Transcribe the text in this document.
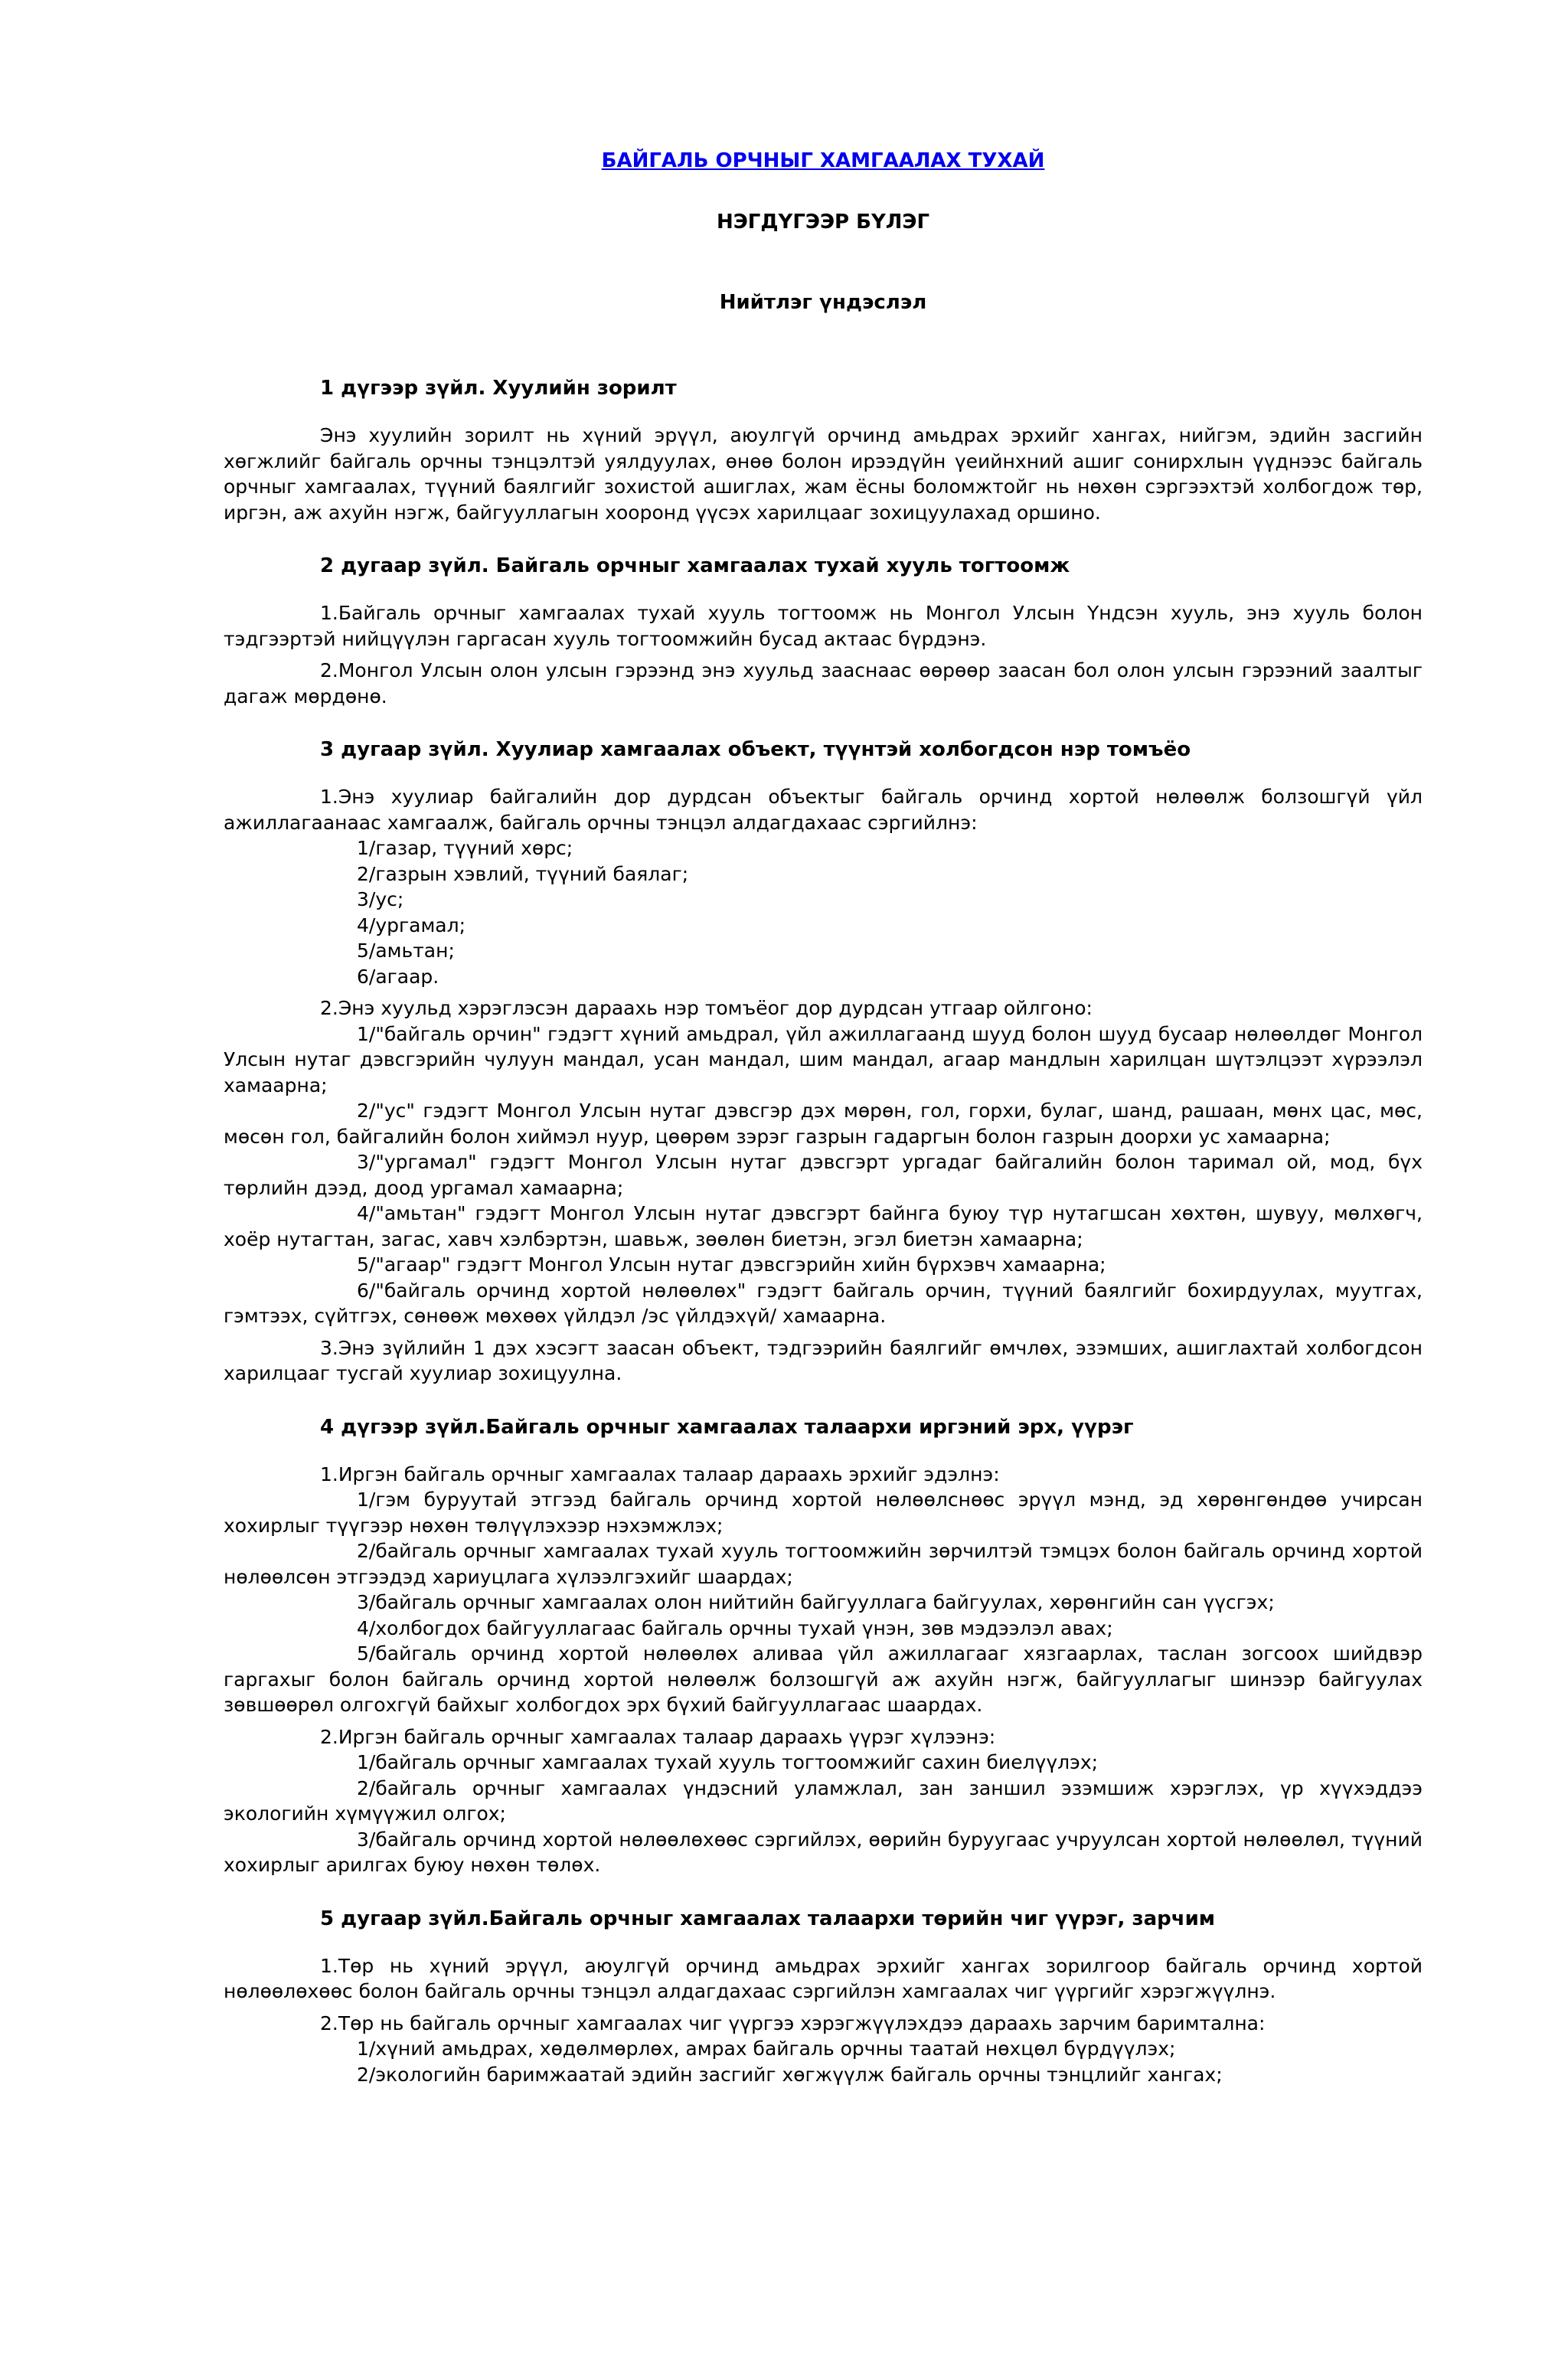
БАЙГАЛЬ ОРЧНЫГ ХАМГААЛАХ ТУХАЙ
НЭГДҮГЭЭР БҮЛЭГ
Нийтлэг үндэслэл
1 дүгээр зүйл. Хуулийн зорилт

Энэ хуулийн зорилт нь хүний эрүүл, аюулгүй орчинд амьдрах эрхийг хангах, нийгэм, эдийн засгийн хөгжлийг байгаль орчны тэнцэлтэй уялдуулах, өнөө болон ирээдүйн үеийнхний ашиг сонирхлын үүднээс байгаль орчныг хамгаалах, түүний баялгийг зохистой ашиглах, жам ёсны боломжтойг нь нөхөн сэргээхтэй холбогдож төр, иргэн, аж ахуйн нэгж, байгууллагын хооронд үүсэх харилцааг зохицуулахад оршино.

2 дугаар зүйл. Байгаль орчныг хамгаалах тухай хууль тогтоомж

1.Байгаль орчныг хамгаалах тухай хууль тогтоомж нь Монгол Улсын Үндсэн хууль, энэ хууль болон тэдгээртэй нийцүүлэн гаргасан хууль тогтоомжийн бусад актаас бүрдэнэ.

2.Монгол Улсын олон улсын гэрээнд энэ хуульд зааснаас өөрөөр заасан бол олон улсын гэрээний заалтыг дагаж мөрдөнө.

3 дугаар зүйл. Хуулиар хамгаалах объект, түүнтэй холбогдсон нэр томъёо

1.Энэ хуулиар байгалийн дор дурдсан объектыг байгаль орчинд хортой нөлөөлж болзошгүй үйл ажиллагаанаас хамгаалж, байгаль орчны тэнцэл алдагдахаас сэргийлнэ:

1/газар, түүний хөрс;

2/газрын хэвлий, түүний баялаг;

3/ус;

4/ургамал;

5/амьтан;

6/агаар.

2.Энэ хуульд хэрэглэсэн дараахь нэр томъёог дор дурдсан утгаар ойлгоно:

1/"байгаль орчин" гэдэгт хүний амьдрал, үйл ажиллагаанд шууд болон шууд бусаар нөлөөлдөг Монгол Улсын нутаг дэвсгэрийн чулуун мандал, усан мандал, шим мандал, агаар мандлын харилцан шүтэлцээт хүрээлэл хамаарна;

2/"ус" гэдэгт Монгол Улсын нутаг дэвсгэр дэх мөрөн, гол, горхи, булаг, шанд, рашаан, мөнх цас, мөс, мөсөн гол, байгалийн болон хиймэл нуур, цөөрөм зэрэг газрын гадаргын болон газрын доорхи ус хамаарна;

3/"ургамал" гэдэгт Монгол Улсын нутаг дэвсгэрт ургадаг байгалийн болон таримал ой, мод, бүх төрлийн дээд, доод ургамал хамаарна;

4/"амьтан" гэдэгт Монгол Улсын нутаг дэвсгэрт байнга буюу түр нутагшсан хөхтөн, шувуу, мөлхөгч, хоёр нутагтан, загас, хавч хэлбэртэн, шавьж, зөөлөн биетэн, эгэл биетэн хамаарна;

5/"агаар" гэдэгт Монгол Улсын нутаг дэвсгэрийн хийн бүрхэвч хамаарна;

6/"байгаль орчинд хортой нөлөөлөх" гэдэгт байгаль орчин, түүний баялгийг бохирдуулах, муутгах, гэмтээх, сүйтгэх, сөнөөж мөхөөх үйлдэл /эс үйлдэхүй/ хамаарна.

3.Энэ зүйлийн 1 дэх хэсэгт заасан объект, тэдгээрийн баялгийг өмчлөх, эзэмших, ашиглахтай холбогдсон харилцааг тусгай хуулиар зохицуулна.

4 дүгээр зүйл.Байгаль орчныг хамгаалах талаархи иргэний эрх, үүрэг

1.Иргэн байгаль орчныг хамгаалах талаар дараахь эрхийг эдэлнэ:

1/гэм буруутай этгээд байгаль орчинд хортой нөлөөлснөөс эрүүл мэнд, эд хөрөнгөндөө учирсан хохирлыг түүгээр нөхөн төлүүлэхээр нэхэмжлэх;

2/байгаль орчныг хамгаалах тухай хууль тогтоомжийн зөрчилтэй тэмцэх болон байгаль орчинд хортой нөлөөлсөн этгээдэд хариуцлага хүлээлгэхийг шаардах;

3/байгаль орчныг хамгаалах олон нийтийн байгууллага байгуулах, хөрөнгийн сан үүсгэх;

4/холбогдох байгууллагаас байгаль орчны тухай үнэн, зөв мэдээлэл авах;

5/байгаль орчинд хортой нөлөөлөх аливаа үйл ажиллагааг хязгаарлах, таслан зогсоох шийдвэр гаргахыг болон байгаль орчинд хортой нөлөөлж болзошгүй аж ахуйн нэгж, байгууллагыг шинээр байгуулах зөвшөөрөл олгохгүй байхыг холбогдох эрх бүхий байгууллагаас шаардах.

2.Иргэн байгаль орчныг хамгаалах талаар дараахь үүрэг хүлээнэ:

1/байгаль орчныг хамгаалах тухай хууль тогтоомжийг сахин биелүүлэх;

2/байгаль орчныг хамгаалах үндэсний уламжлал, зан заншил эзэмшиж хэрэглэх, үр хүүхэддээ экологийн хүмүүжил олгох;

3/байгаль орчинд хортой нөлөөлөхөөс сэргийлэх, өөрийн буруугаас учруулсан хортой нөлөөлөл, түүний хохирлыг арилгах буюу нөхөн төлөх.

5 дугаар зүйл.Байгаль орчныг хамгаалах талаархи төрийн чиг үүрэг, зарчим

1.Төр нь хүний эрүүл, аюулгүй орчинд амьдрах эрхийг хангах зорилгоор байгаль орчинд хортой нөлөөлөхөөс болон байгаль орчны тэнцэл алдагдахаас сэргийлэн хамгаалах чиг үүргийг хэрэгжүүлнэ.

2.Төр нь байгаль орчныг хамгаалах чиг үүргээ хэрэгжүүлэхдээ дараахь зарчим баримтална:

1/хүний амьдрах, хөдөлмөрлөх, амрах байгаль орчны таатай нөхцөл бүрдүүлэх;

2/экологийн баримжаатай эдийн засгийг хөгжүүлж байгаль орчны тэнцлийг хангах;
